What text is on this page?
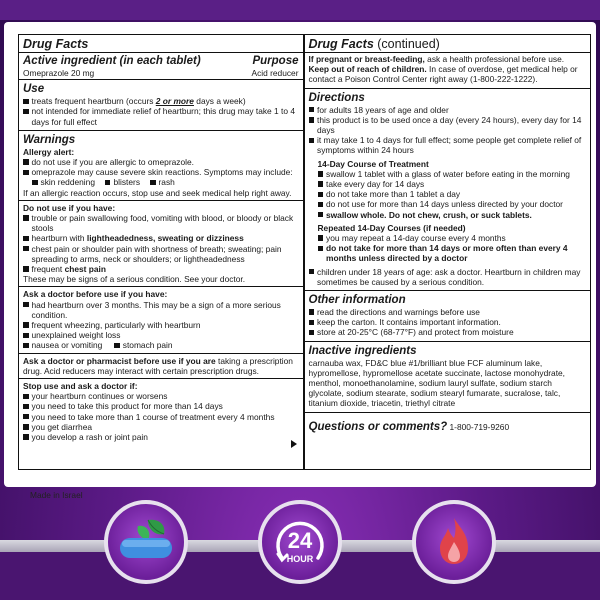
Drug Facts
Active ingredient (in each tablet)	Purpose
Omeprazole 20 mg	Acid reducer
Use
treats frequent heartburn (occurs 2 or more days a week)
not intended for immediate relief of heartburn; this drug may take 1 to 4 days for full effect
Warnings
Allergy alert:
do not use if you are allergic to omeprazole.
omeprazole may cause severe skin reactions. Symptoms may include:
skin reddening blisters rash
If an allergic reaction occurs, stop use and seek medical help right away.
Do not use if you have:
trouble or pain swallowing food, vomiting with blood, or bloody or black stools
heartburn with lightheadedness, sweating or dizziness
chest pain or shoulder pain with shortness of breath; sweating; pain spreading to arms, neck or shoulders; or lightheadedness
frequent chest pain
These may be signs of a serious condition. See your doctor.
Ask a doctor before use if you have:
had heartburn over 3 months. This may be a sign of a more serious condition.
frequent wheezing, particularly with heartburn
unexplained weight loss
nausea or vomiting stomach pain
Ask a doctor or pharmacist before use if you are taking a prescription drug. Acid reducers may interact with certain prescription drugs.
Stop use and ask a doctor if:
your heartburn continues or worsens
you need to take this product for more than 14 days
you need to take more than 1 course of treatment every 4 months
you get diarrhea
you develop a rash or joint pain
Drug Facts (continued)
If pregnant or breast-feeding, ask a health professional before use.
Keep out of reach of children. In case of overdose, get medical help or contact a Poison Control Center right away (1-800-222-1222).
Directions
for adults 18 years of age and older
this product is to be used once a day (every 24 hours), every day for 14 days
it may take 1 to 4 days for full effect; some people get complete relief of symptoms within 24 hours
14-Day Course of Treatment
swallow 1 tablet with a glass of water before eating in the morning
take every day for 14 days
do not take more than 1 tablet a day
do not use for more than 14 days unless directed by your doctor
swallow whole. Do not chew, crush, or suck tablets.
Repeated 14-Day Courses (if needed)
you may repeat a 14-day course every 4 months
do not take for more than 14 days or more often than every 4 months unless directed by a doctor
children under 18 years of age: ask a doctor. Heartburn in children may sometimes be caused by a serious condition.
Other information
read the directions and warnings before use
keep the carton. It contains important information.
store at 20-25°C (68-77°F) and protect from moisture
Inactive ingredients
carnauba wax, FD&C blue #1/brilliant blue FCF aluminum lake, hypromellose, hypromellose acetate succinate, lactose monohydrate, menthol, monoethanolamine, sodium lauryl sulfate, sodium starch glycolate, sodium stearate, sodium stearyl fumarate, sucralose, talc, titanium dioxide, triacetin, triethyl citrate
Questions or comments? 1-800-719-9260
Made in Israel
24
HOUR
